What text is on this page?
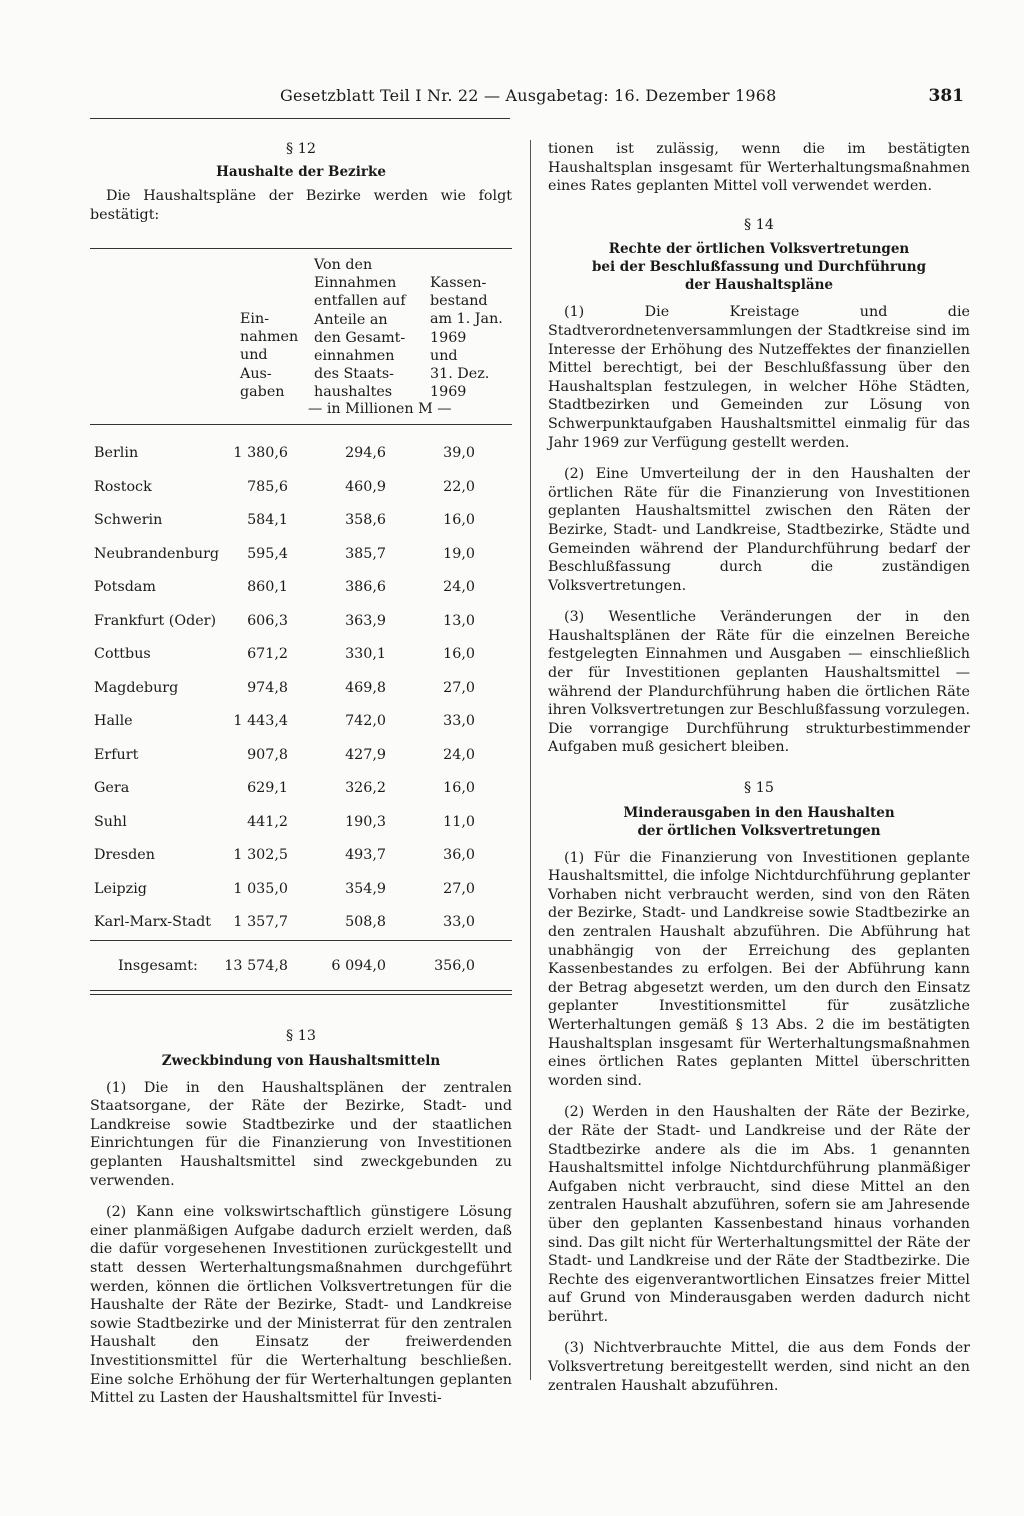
Gesetzblatt Teil I Nr. 22 — Ausgabetag: 16. Dezember 1968	381
§ 12
Haushalte der Bezirke

Die Haushaltspläne der Bezirke werden wie folgt bestätigt:

Ein-
nahmen
und
Aus-
gaben
Von den
Einnahmen
entfallen auf
Anteile an
den Gesamt-
einnahmen
des Staats-
haushaltes
Kassen-
bestand
am 1. Jan.
1969
und
31. Dez.
1969
— in Millionen M —
Berlin	1 380,6	294,6	39,0
Rostock	785,6	460,9	22,0
Schwerin	584,1	358,6	16,0
Neubrandenburg 595,4	385,7	19,0
Potsdam	860,1	386,6	24,0
Frankfurt (Oder) 606,3	363,9	13,0
Cottbus	671,2	330,1	16,0
Magdeburg	974,8	469,8	27,0
Halle	1 443,4	742,0	33,0
Erfurt	907,8	427,9	24,0
Gera	629,1	326,2	16,0
Suhl	441,2	190,3	11,0
Dresden	1 302,5	493,7	36,0
Leipzig	1 035,0	354,9	27,0
Karl-Marx-Stadt 1 357,7	508,8	33,0
Insgesamt: 13 574,8	6 094,0	356,0
§ 13
Zweckbindung von Haushaltsmitteln

(1) Die in den Haushaltsplänen der zentralen Staatsorgane, der Räte der Bezirke, Stadt- und Landkreise sowie Stadtbezirke und der staatlichen Einrichtungen für die Finanzierung von Investitionen geplanten Haushaltsmittel sind zweckgebunden zu verwenden.

(2) Kann eine volkswirtschaftlich günstigere Lösung einer planmäßigen Aufgabe dadurch erzielt werden, daß die dafür vorgesehenen Investitionen zurückgestellt und statt dessen Werterhaltungsmaßnahmen durchgeführt werden, können die örtlichen Volksvertretungen für die Haushalte der Räte der Bezirke, Stadt- und Landkreise sowie Stadtbezirke und der Ministerrat für den zentralen Haushalt den Einsatz der freiwerdenden Investitionsmittel für die Werterhaltung beschließen. Eine solche Erhöhung der für Werterhaltungen geplanten Mittel zu Lasten der Haushaltsmittel für Investi-

tionen ist zulässig, wenn die im bestätigten Haushaltsplan insgesamt für Werterhaltungsmaßnahmen eines Rates geplanten Mittel voll verwendet werden.

§ 14
Rechte der örtlichen Volksvertretungen
bei der Beschlußfassung und Durchführung
der Haushaltspläne

(1) Die Kreistage und die Stadtverordnetenversammlungen der Stadtkreise sind im Interesse der Erhöhung des Nutzeffektes der finanziellen Mittel berechtigt, bei der Beschlußfassung über den Haushaltsplan festzulegen, in welcher Höhe Städten, Stadtbezirken und Gemeinden zur Lösung von Schwerpunktaufgaben Haushaltsmittel einmalig für das Jahr 1969 zur Verfügung gestellt werden.

(2) Eine Umverteilung der in den Haushalten der örtlichen Räte für die Finanzierung von Investitionen geplanten Haushaltsmittel zwischen den Räten der Bezirke, Stadt- und Landkreise, Stadtbezirke, Städte und Gemeinden während der Plandurchführung bedarf der Beschlußfassung durch die zuständigen Volksvertretungen.

(3) Wesentliche Veränderungen der in den Haushaltsplänen der Räte für die einzelnen Bereiche festgelegten Einnahmen und Ausgaben — einschließlich der für Investitionen geplanten Haushaltsmittel — während der Plandurchführung haben die örtlichen Räte ihren Volksvertretungen zur Beschlußfassung vorzulegen. Die vorrangige Durchführung strukturbestimmender Aufgaben muß gesichert bleiben.

§ 15
Minderausgaben in den Haushalten
der örtlichen Volksvertretungen

(1) Für die Finanzierung von Investitionen geplante Haushaltsmittel, die infolge Nichtdurchführung geplanter Vorhaben nicht verbraucht werden, sind von den Räten der Bezirke, Stadt- und Landkreise sowie Stadtbezirke an den zentralen Haushalt abzuführen. Die Abführung hat unabhängig von der Erreichung des geplanten Kassenbestandes zu erfolgen. Bei der Abführung kann der Betrag abgesetzt werden, um den durch den Einsatz geplanter Investitionsmittel für zusätzliche Werterhaltungen gemäß § 13 Abs. 2 die im bestätigten Haushaltsplan insgesamt für Werterhaltungsmaßnahmen eines örtlichen Rates geplanten Mittel überschritten worden sind.

(2) Werden in den Haushalten der Räte der Bezirke, der Räte der Stadt- und Landkreise und der Räte der Stadtbezirke andere als die im Abs. 1 genannten Haushaltsmittel infolge Nichtdurchführung planmäßiger Aufgaben nicht verbraucht, sind diese Mittel an den zentralen Haushalt abzuführen, sofern sie am Jahresende über den geplanten Kassenbestand hinaus vorhanden sind. Das gilt nicht für Werterhaltungsmittel der Räte der Stadt- und Landkreise und der Räte der Stadtbezirke. Die Rechte des eigenverantwortlichen Einsatzes freier Mittel auf Grund von Minderausgaben werden dadurch nicht berührt.

(3) Nichtverbrauchte Mittel, die aus dem Fonds der Volksvertretung bereitgestellt werden, sind nicht an den zentralen Haushalt abzuführen.
